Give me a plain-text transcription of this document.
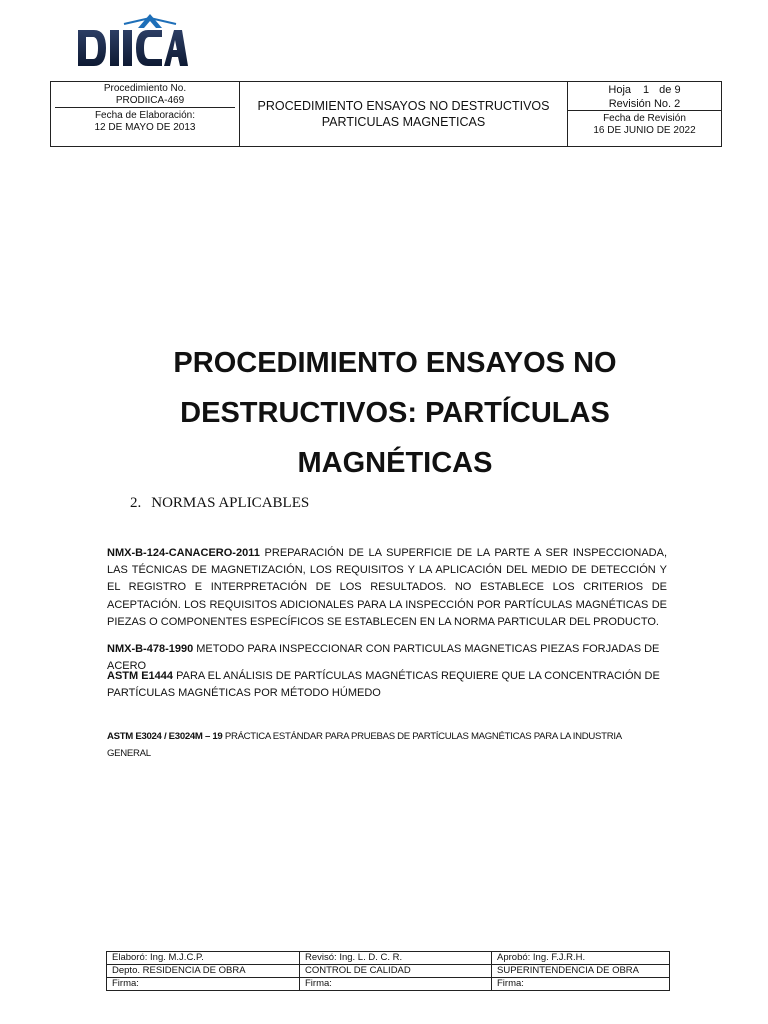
DIICA
Procedimiento No.
PRODIICA-469
Fecha de Elaboración:
12 DE MAYO DE 2013
PROCEDIMIENTO ENSAYOS NO DESTRUCTIVOS
PARTICULAS MAGNETICAS
Hoja 1 de 9
Revisión No. 2
Fecha de Revisión
16 DE JUNIO DE 2022
PROCEDIMIENTO ENSAYOS NO
DESTRUCTIVOS: PARTÍCULAS
MAGNÉTICAS
2. NORMAS APLICABLES
NMX-B-124-CANACERO-2011 PREPARACIÓN DE LA SUPERFICIE DE LA PARTE A SER INSPECCIONADA, LAS TÉCNICAS DE MAGNETIZACIÓN, LOS REQUISITOS Y LA APLICACIÓN DEL MEDIO DE DETECCIÓN Y EL REGISTRO E INTERPRETACIÓN DE LOS RESULTADOS. NO ESTABLECE LOS CRITERIOS DE ACEPTACIÓN. LOS REQUISITOS ADICIONALES PARA LA INSPECCIÓN POR PARTÍCULAS MAGNÉTICAS DE PIEZAS O COMPONENTES ESPECÍFICOS SE ESTABLECEN EN LA NORMA PARTICULAR DEL PRODUCTO.
NMX-B-478-1990 METODO PARA INSPECCIONAR CON PARTICULAS MAGNETICAS PIEZAS FORJADAS DE ACERO
ASTM E1444 PARA EL ANÁLISIS DE PARTÍCULAS MAGNÉTICAS REQUIERE QUE LA CONCENTRACIÓN DE PARTÍCULAS MAGNÉTICAS POR MÉTODO HÚMEDO
ASTM E3024 / E3024M – 19 PRÁCTICA ESTÁNDAR PARA PRUEBAS DE PARTÍCULAS MAGNÉTICAS PARA LA INDUSTRIA GENERAL
Elaboró: Ing. M.J.C.P.	Revisó: Ing. L. D. C. R.	Aprobó: Ing. F.J.R.H.
Depto. RESIDENCIA DE OBRA	CONTROL DE CALIDAD	SUPERINTENDENCIA DE OBRA
Firma:	Firma:	Firma:
